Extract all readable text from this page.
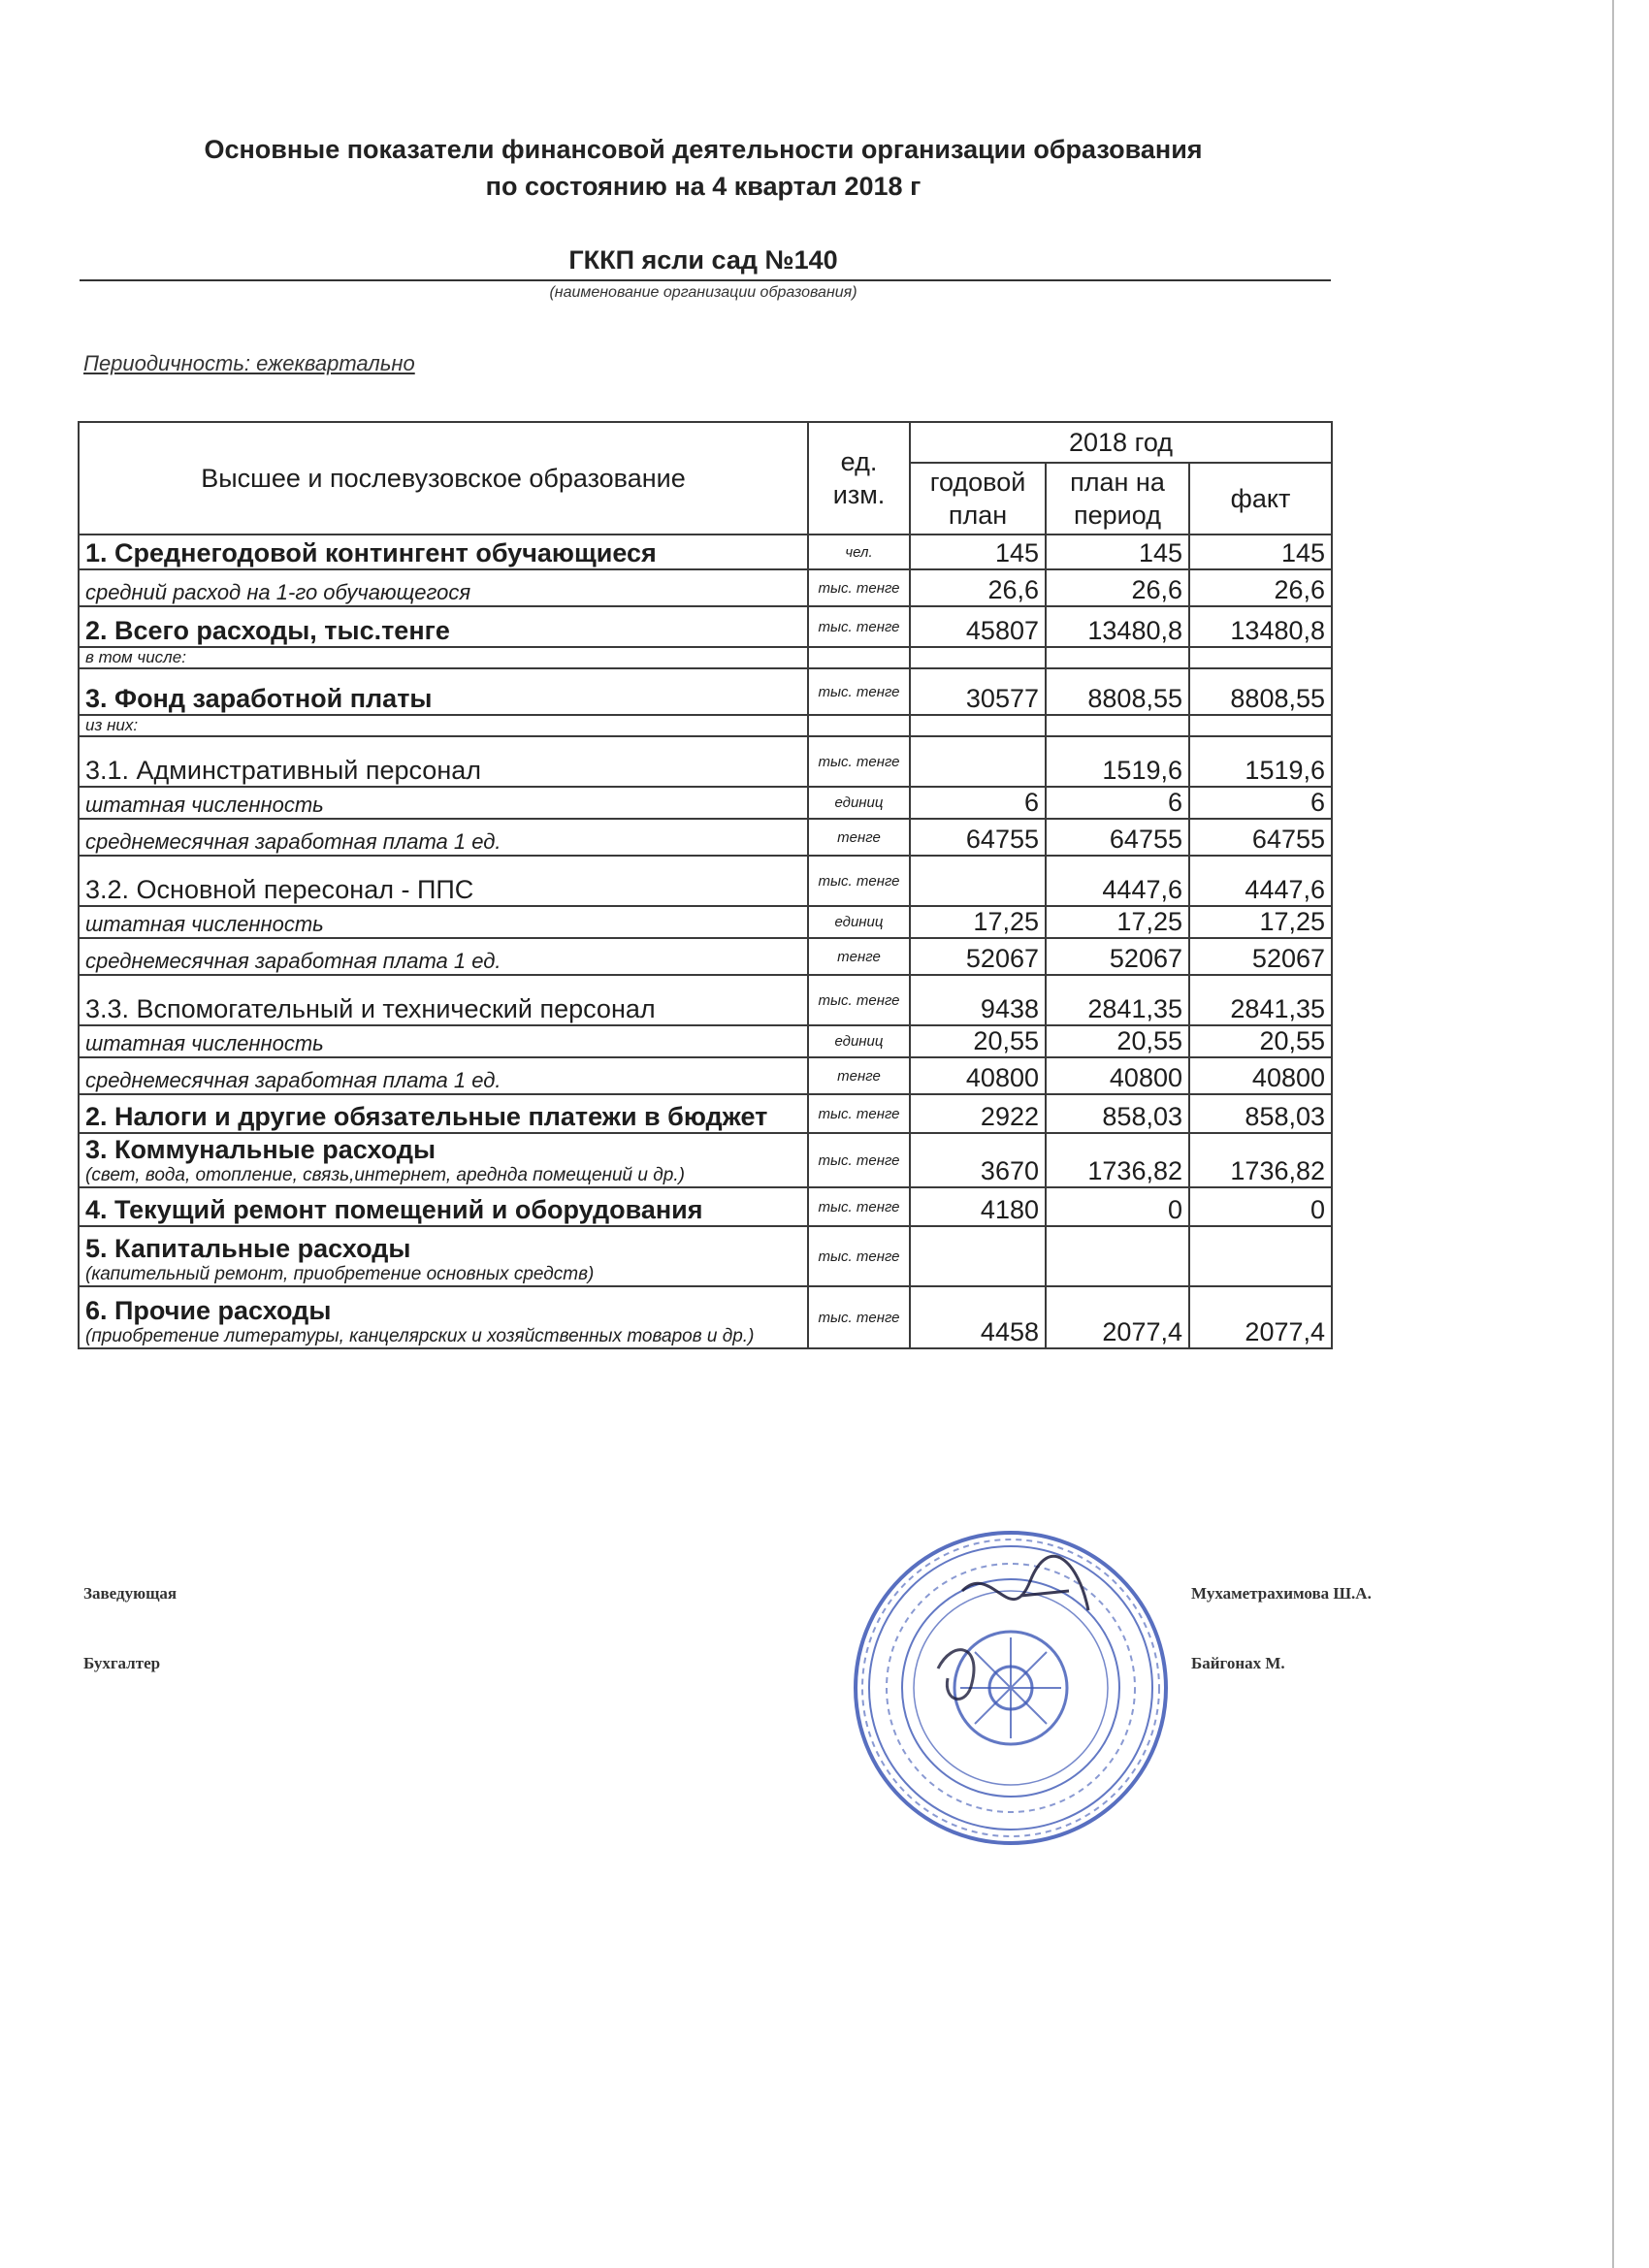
Основные показатели финансовой деятельности организации образования
по состоянию на 4 квартал 2018 г
ГККП ясли сад №140
(наименование организации образования)
Периодичность: ежеквартально
Высшее и послевузовское образование	ед. изм.	2018 год		
		годовой план	план на период	факт
1. Среднегодовой контингент обучающиеся	чел.	145	145	145
средний расход на 1-го обучающегося	тыс. тенге	26,6	26,6	26,6
2. Всего расходы, тыс.тенге	тыс. тенге	45807	13480,8	13480,8
в том числе:				
3. Фонд заработной платы	тыс. тенге	30577	8808,55	8808,55
из них:				
3.1. Админстративный персонал	тыс. тенге		1519,6	1519,6
штатная численность	единиц	6	6	6
среднемесячная заработная плата 1 ед.	тенге	64755	64755	64755
3.2. Основной пересонал - ППС	тыс. тенге		4447,6	4447,6
штатная численность	единиц	17,25	17,25	17,25
среднемесячная заработная плата 1 ед.	тенге	52067	52067	52067
3.3. Вспомогательный и технический персонал	тыс. тенге	9438	2841,35	2841,35
штатная численность	единиц	20,55	20,55	20,55
среднемесячная заработная плата 1 ед.	тенге	40800	40800	40800
2. Налоги и другие обязательные платежи в бюджет	тыс. тенге	2922	858,03	858,03
3. Коммунальные расходы
(свет, вода, отопление, связь,интернет, аредндa помещений и др.)	тыс. тенге	3670	1736,82	1736,82
4. Текущий ремонт помещений и оборудования	тыс. тенге	4180	0	0
5. Капитальные расходы
(капительный ремонт, приобретение основных средств)	тыс. тенге			
6. Прочие расходы
(приобретение литературы, канцелярских и хозяйственных товаров и др.)	тыс. тенге	4458	2077,4	2077,4
Заведующая	Мухаметрахимова Ш.А.
Бухгалтер	Байгонах М.
